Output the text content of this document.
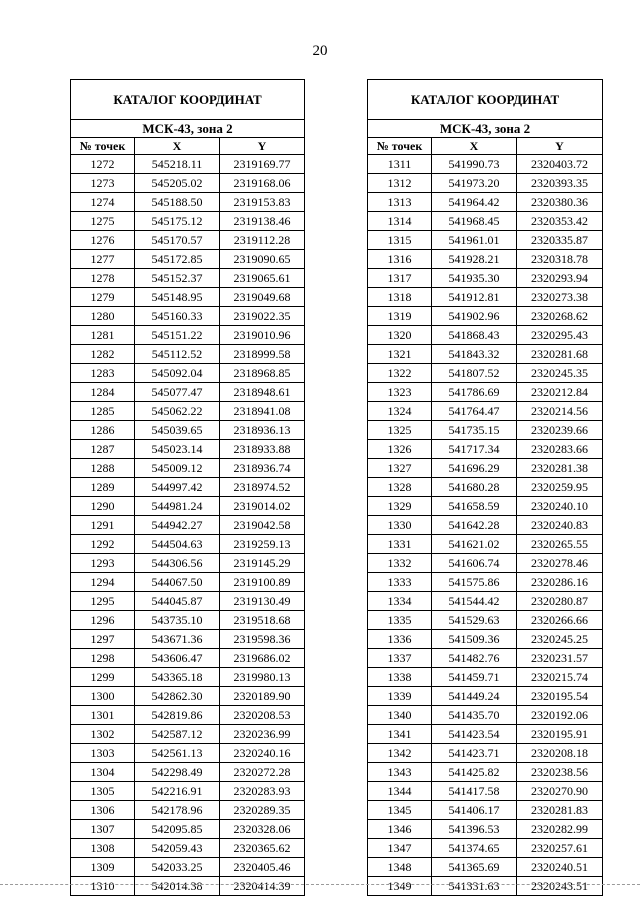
20
КАТАЛОГ КООРДИНАТ		
МСК-43, зона 2		
№ точек	X	Y
1272	545218.11	2319169.77
1273	545205.02	2319168.06
1274	545188.50	2319153.83
1275	545175.12	2319138.46
1276	545170.57	2319112.28
1277	545172.85	2319090.65
1278	545152.37	2319065.61
1279	545148.95	2319049.68
1280	545160.33	2319022.35
1281	545151.22	2319010.96
1282	545112.52	2318999.58
1283	545092.04	2318968.85
1284	545077.47	2318948.61
1285	545062.22	2318941.08
1286	545039.65	2318936.13
1287	545023.14	2318933.88
1288	545009.12	2318936.74
1289	544997.42	2318974.52
1290	544981.24	2319014.02
1291	544942.27	2319042.58
1292	544504.63	2319259.13
1293	544306.56	2319145.29
1294	544067.50	2319100.89
1295	544045.87	2319130.49
1296	543735.10	2319518.68
1297	543671.36	2319598.36
1298	543606.47	2319686.02
1299	543365.18	2319980.13
1300	542862.30	2320189.90
1301	542819.86	2320208.53
1302	542587.12	2320236.99
1303	542561.13	2320240.16
1304	542298.49	2320272.28
1305	542216.91	2320283.93
1306	542178.96	2320289.35
1307	542095.85	2320328.06
1308	542059.43	2320365.62
1309	542033.25	2320405.46
1310	542014.38	2320414.39
КАТАЛОГ КООРДИНАТ		
МСК-43, зона 2		
№ точек	X	Y
1311	541990.73	2320403.72
1312	541973.20	2320393.35
1313	541964.42	2320380.36
1314	541968.45	2320353.42
1315	541961.01	2320335.87
1316	541928.21	2320318.78
1317	541935.30	2320293.94
1318	541912.81	2320273.38
1319	541902.96	2320268.62
1320	541868.43	2320295.43
1321	541843.32	2320281.68
1322	541807.52	2320245.35
1323	541786.69	2320212.84
1324	541764.47	2320214.56
1325	541735.15	2320239.66
1326	541717.34	2320283.66
1327	541696.29	2320281.38
1328	541680.28	2320259.95
1329	541658.59	2320240.10
1330	541642.28	2320240.83
1331	541621.02	2320265.55
1332	541606.74	2320278.46
1333	541575.86	2320286.16
1334	541544.42	2320280.87
1335	541529.63	2320266.66
1336	541509.36	2320245.25
1337	541482.76	2320231.57
1338	541459.71	2320215.74
1339	541449.24	2320195.54
1340	541435.70	2320192.06
1341	541423.54	2320195.91
1342	541423.71	2320208.18
1343	541425.82	2320238.56
1344	541417.58	2320270.90
1345	541406.17	2320281.83
1346	541396.53	2320282.99
1347	541374.65	2320257.61
1348	541365.69	2320240.51
1349	541331.63	2320243.51
